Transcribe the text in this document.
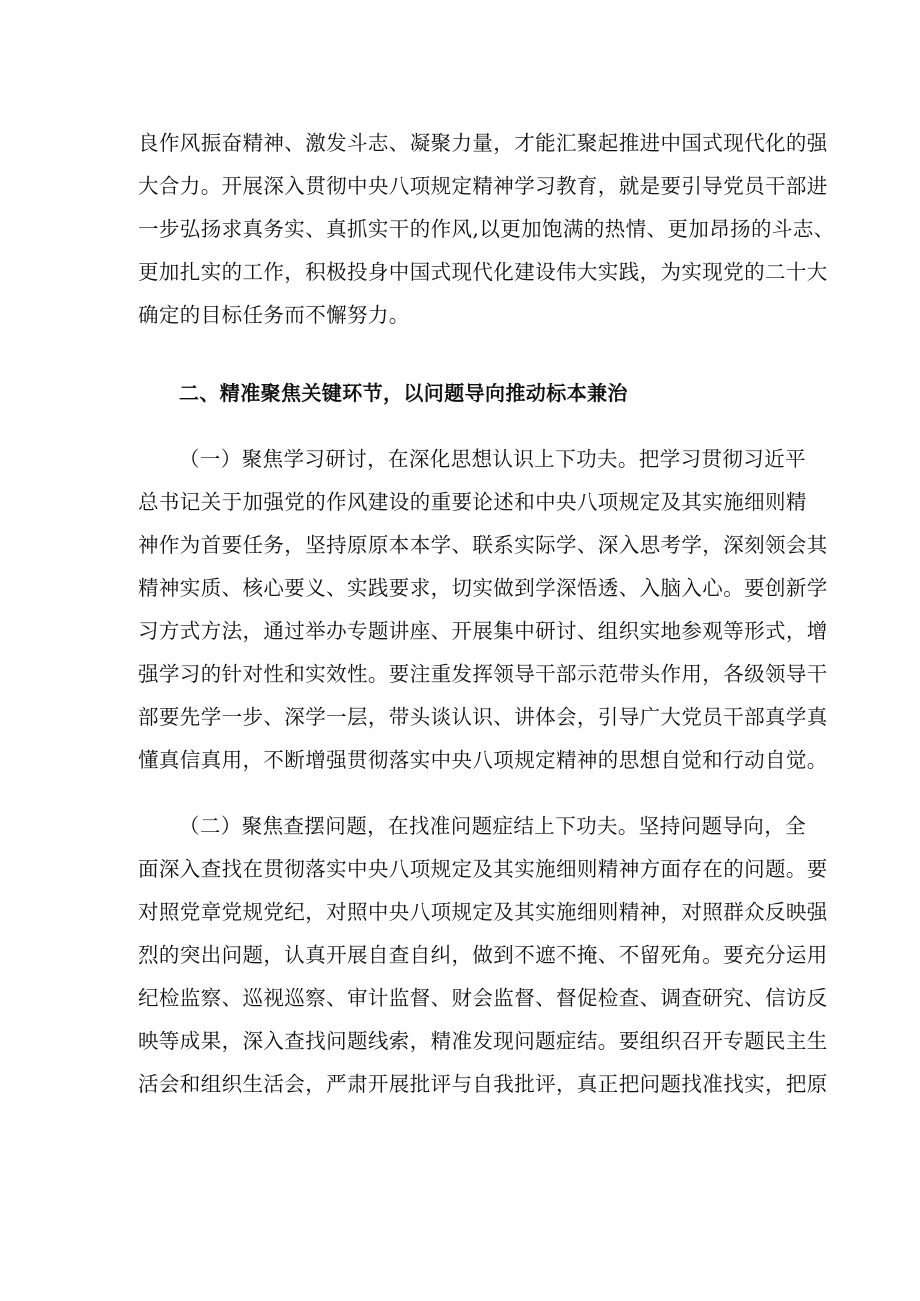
良作风振奋精神、激发斗志、凝聚力量，才能汇聚起推进中国式现代化的强
大合力。开展深入贯彻中央八项规定精神学习教育，就是要引导党员干部进
一步弘扬求真务实、真抓实干的作风,以更加饱满的热情、更加昂扬的斗志、
更加扎实的工作，积极投身中国式现代化建设伟大实践，为实现党的二十大
确定的目标任务而不懈努力。
二、精准聚焦关键环节，以问题导向推动标本兼治
（一）聚焦学习研讨，在深化思想认识上下功夫。把学习贯彻习近平
总书记关于加强党的作风建设的重要论述和中央八项规定及其实施细则精
神作为首要任务，坚持原原本本学、联系实际学、深入思考学，深刻领会其
精神实质、核心要义、实践要求，切实做到学深悟透、入脑入心。要创新学
习方式方法，通过举办专题讲座、开展集中研讨、组织实地参观等形式，增
强学习的针对性和实效性。要注重发挥领导干部示范带头作用，各级领导干
部要先学一步、深学一层，带头谈认识、讲体会，引导广大党员干部真学真
懂真信真用，不断增强贯彻落实中央八项规定精神的思想自觉和行动自觉。
（二）聚焦查摆问题，在找准问题症结上下功夫。坚持问题导向，全
面深入查找在贯彻落实中央八项规定及其实施细则精神方面存在的问题。要
对照党章党规党纪，对照中央八项规定及其实施细则精神，对照群众反映强
烈的突出问题，认真开展自查自纠，做到不遮不掩、不留死角。要充分运用
纪检监察、巡视巡察、审计监督、财会监督、督促检查、调查研究、信访反
映等成果，深入查找问题线索，精准发现问题症结。要组织召开专题民主生
活会和组织生活会，严肃开展批评与自我批评，真正把问题找准找实，把原
